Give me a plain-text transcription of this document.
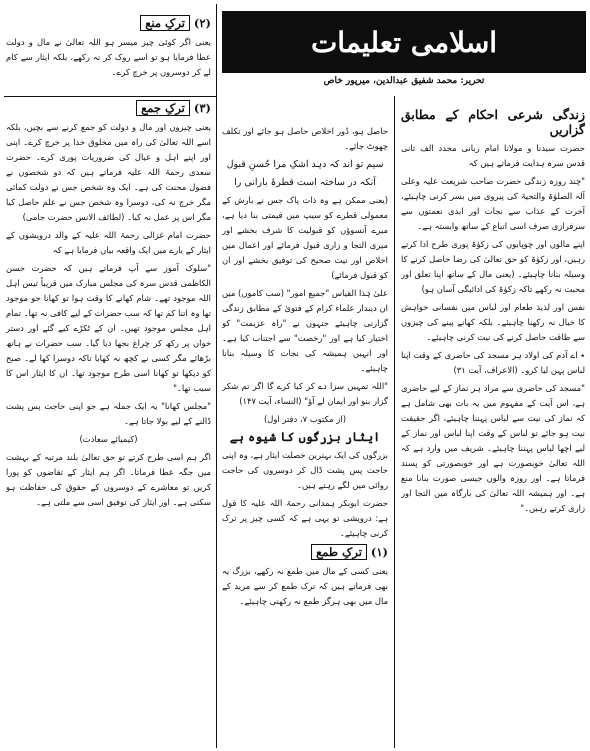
اسلامی تعلیمات
تحریر: محمد شفیق عبدالدین، میرپور خاص
زندگی شرعی احکام کے مطابق گزاریں

حضرت سیدنا و مولانا امام ربانی مجدد الف ثانی قدس سرہ ہدایت فرماتے ہیں کہ

"چند روزہ زندگی حضرت صاحب شریعت علیہ وعلی آلہ الصلوٰۃ والتحیۃ کی پیروی میں بسر کرنی چاہیئے، آخرت کے عذاب سے نجات اور ابدی نعمتوں سے سرفرازی صرف اسی اتباع کے ساتھ وابستہ ہے۔

اپنے مالوں اور چوپایوں کی زکوٰۃ پوری طرح ادا کرتے رہیں، اور زکوٰۃ کو حق تعالیٰ کی رضا حاصل کرنے کا وسیلہ بنانا چاہیئے۔ (یعنی مال کے ساتھ اپنا تعلق اور محبت نہ رکھے تاکہ زکوٰۃ کی ادائیگی آسان ہو)

نفس اور لذیذ طعام اور لباس میں نفسانی خواہش کا خیال نہ رکھنا چاہیئے۔ بلکہ کھانے پینے کی چیزوں سے طاقت حاصل کرنے کی نیت کرنی چاہیئے۔

٭ اے آدم کی اولاد ہر مسجد کی حاضری کے وقت اپنا لباس پہن لیا کرو۔ (الاعراف، آیت ۳۱)

"مسجد کی حاضری سے مراد ہر نماز کے لیے حاضری ہے، اس آیت کے مفہوم میں یہ بات بھی شامل ہے کہ نماز کی نیت سے لباس پہننا چاہیئے، اگر حقیقت نیت ہو جائے تو لباس کے وقت اپنا لباس اور نماز کے لیے اچھا لباس پہننا چاہیئے۔ شریف میں وارد ہے کہ اللہ تعالیٰ خوبصورت ہے اور خوبصورتی کو پسند فرماتا ہے۔ اور روزہ والوں جیسی صورت بنانا منع ہے۔ اور ہمیشہ اللہ تعالیٰ کی بارگاہ میں التجا اور زاری کرتے رہیں۔"

حاصل ہو، دُور اخلاص حاصل ہو جائے اور تکلف چھوٹ جائے۔

سیم تو اند کہ دہد اشکِ مرا حُسنِ قبول

آنکہ در ساختہ است قطرۂ بارانی را

(یعنی ممکن ہے وہ ذات پاک جس نے بارش کے معمولی قطرے کو سیپ میں قیمتی بنا دیا ہے، میرے آنسوؤں کو قبولیت کا شرف بخشے اور میری التجا و زاری قبول فرمائے اور اعمال میں اخلاص اور نیت صحیح کی توفیق بخشے اور ان کو قبول فرمائے)

علیٰ ہٰذا القیاس "جمیع امور" (سب کاموں) میں ان دیندار علماء کرام کے فتویٰ کے مطابق زندگی گزارنی چاہیئے جنہوں نے "راہ عزیمت" کو اختیار کیا ہے اور "رخصت" سے اجتناب کیا ہے۔ اور انہیں ہمیشہ کی نجات کا وسیلہ بنانا چاہیئے۔

"اللہ تمہیں سزا دے کر کیا کرے گا اگر تم شکر گزار بنو اور ایمان لے آؤ" (النساء، آیت ۱۴۷)

(از مکتوب ۷، دفتر اول)

ایثار بزرگوں کا شیوہ ہے

بزرگوں کی ایک بہترین خصلت ایثار ہے، وہ اپنی حاجت پس پشت ڈال کر دوسروں کی حاجت روائی میں لگے رہتے ہیں۔

حضرت ابوبکر ہمدانی رحمۃ اللہ علیہ کا قول ہے: درویشی تو یہی ہے کہ کسی چیز پر ترک کرنی چاہیئے۔

(۱) ترکِ طمع

یعنی کسی کے مال میں طمع نہ رکھے، بزرگ یہ بھی فرماتے ہیں کہ ترک طمع کر سے مرید کے مال میں بھی ہرگز طمع نہ رکھنی چاہیئے۔

(۲) ترکِ منع

یعنی اگر کوئی چیز میسر ہو اللہ تعالیٰ نے مال و دولت عطا فرمایا ہو تو اسے روک کر نہ رکھے، بلکہ ایثار سے کام لے کر دوسروں پر خرچ کرے۔

(۳) ترکِ جمع

یعنی چیزوں اور مال و دولت کو جمع کرنے سے بچیں، بلکہ اسے اللہ تعالیٰ کی راہ میں مخلوق خدا پر خرچ کرے۔ اپنی اور اپنے اہل و عیال کی ضروریات پوری کرے۔ حضرت سعدی رحمۃ اللہ علیہ فرماتے ہیں کہ دو شخصوں نے فضول محنت کی ہے۔ ایک وہ شخص جس نے دولت کمائی مگر خرچ نہ کی، دوسرا وہ شخص جس نے علم حاصل کیا مگر اس پر عمل نہ کیا۔ (لطائف الانس حضرت جامی)

حضرت امام غزالی رحمۃ اللہ علیہ کے والد درویشوں کے ایثار کے بارے میں ایک واقعہ بیان فرمایا ہے کہ

"سلوک آموز سے آپ فرماتے ہیں کہ حضرت حسن الکاظمی قدس سرہ کی مجلس مبارک میں قریباً تیس اہل اللہ موجود تھے۔ شام کھانے کا وقت ہوا تو کھانا جو موجود تھا وہ اتنا کم تھا کہ سب حضرات کے لیے کافی نہ تھا۔ تمام اہل مجلس موجود تھیں۔ ان کے ٹکڑے کیے گئے اور دستر خوان پر رکھ کر چراغ بجھا دیا گیا۔ سب حضرات نے ہاتھ بڑھائے مگر کسی نے کچھ نہ کھایا تاکہ دوسرا کھا لے۔ صبح کو دیکھا تو کھانا اسی طرح موجود تھا۔ ان کا ایثار اس کا سبب تھا۔"

"مجلس کھانا" یہ ایک جملہ ہے جو اپنی حاجت پس پشت ڈالنے کے لیے بولا جاتا ہے۔

(کیمیائے سعادت)

اگر ہم اسی طرح کرتے تو حق تعالیٰ بلند مرتبہ کے بہشت میں جگہ عطا فرماتا۔ اگر ہم ایثار کے تقاضوں کو پورا کریں تو معاشرے کے دوسروں کے حقوق کی حفاظت ہو سکتی ہے۔ اور ایثار کی توفیق اسی سے ملتی ہے۔
